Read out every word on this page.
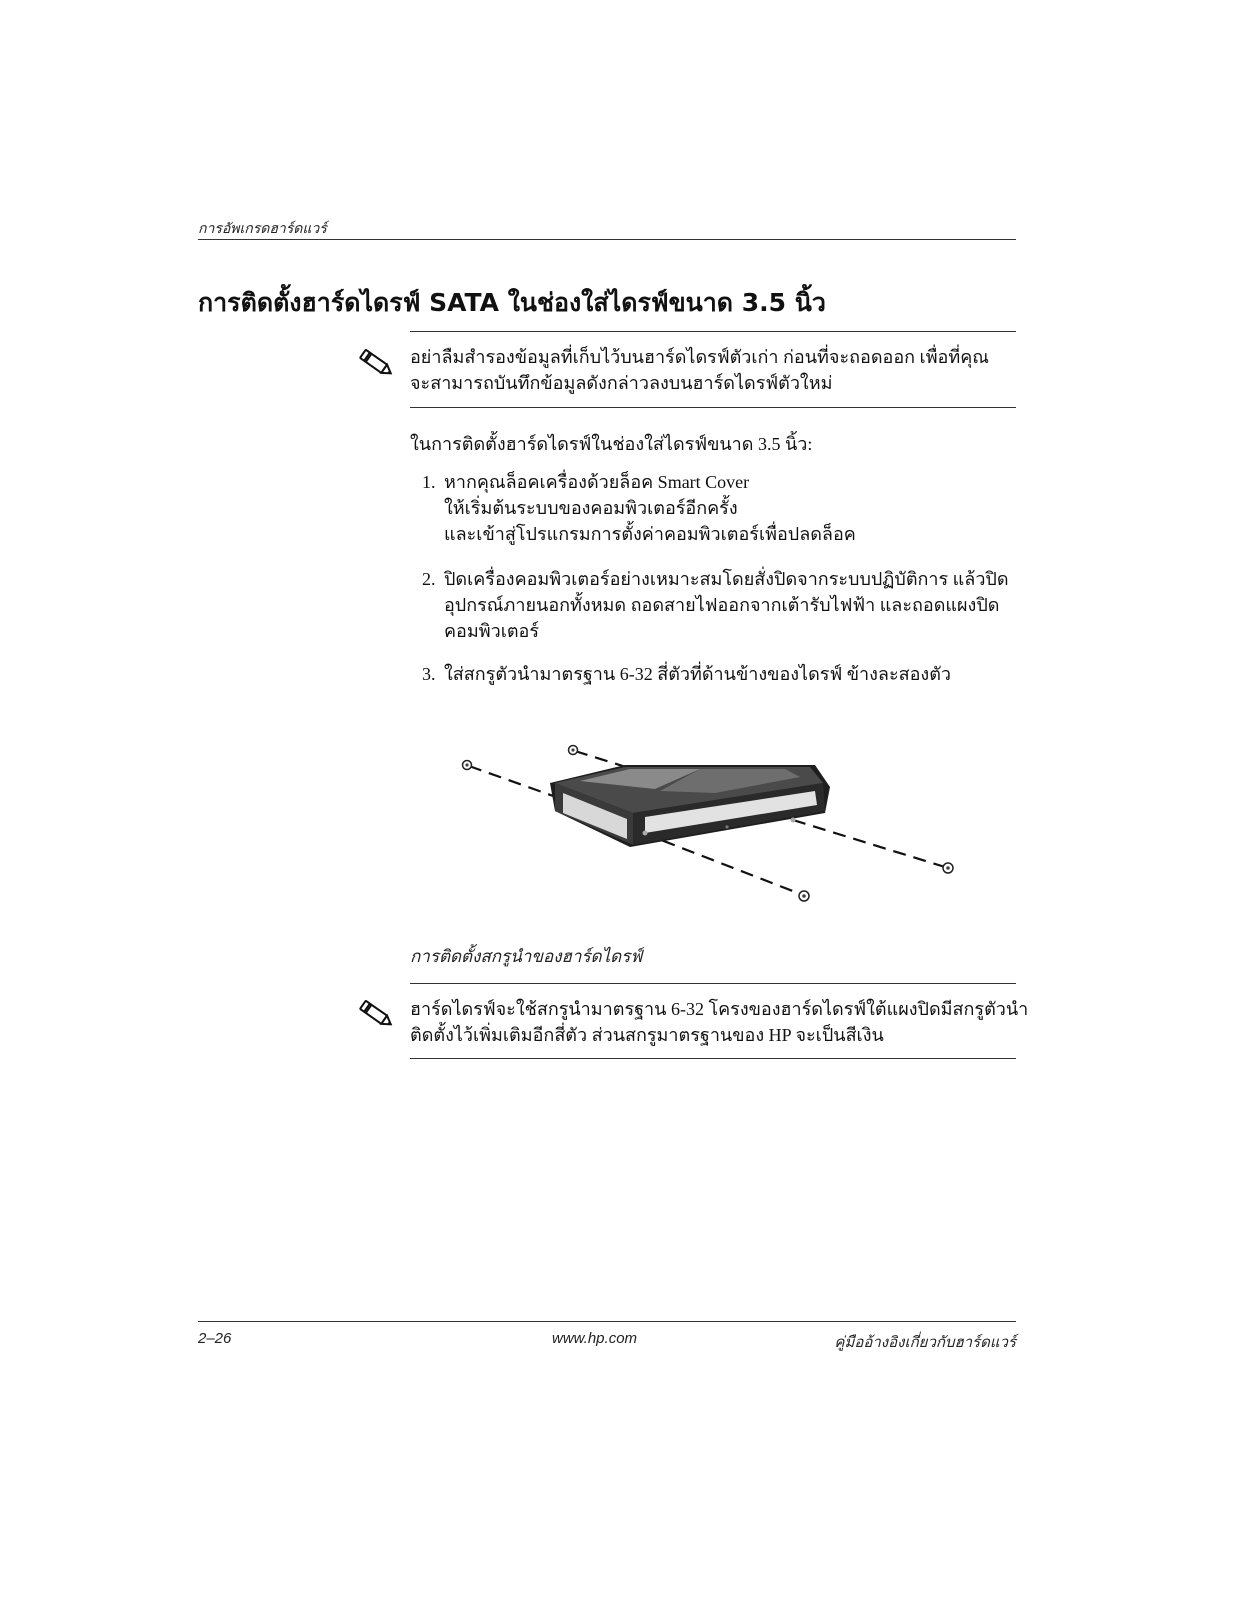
การอัพเกรดฮาร์ดแวร์
การติดตั้งฮาร์ดไดรฟ์ SATA ในช่องใส่ไดรฟ์ขนาด 3.5 นิ้ว
อย่าลืมสำรองข้อมูลที่เก็บไว้บนฮาร์ดไดรฟ์ตัวเก่า ก่อนที่จะถอดออก เพื่อที่คุณ
จะสามารถบันทึกข้อมูลดังกล่าวลงบนฮาร์ดไดรฟ์ตัวใหม่
ในการติดตั้งฮาร์ดไดรฟ์ในช่องใส่ไดรฟ์ขนาด 3.5 นิ้ว:
1. หากคุณล็อคเครื่องด้วยล็อค Smart Cover
ให้เริ่มต้นระบบของคอมพิวเตอร์อีกครั้ง
และเข้าสู่โปรแกรมการตั้งค่าคอมพิวเตอร์เพื่อปลดล็อค
2. ปิดเครื่องคอมพิวเตอร์อย่างเหมาะสมโดยสั่งปิดจากระบบปฏิบัติการ แล้วปิด
อุปกรณ์ภายนอกทั้งหมด ถอดสายไฟออกจากเต้ารับไฟฟ้า และถอดแผงปิด
คอมพิวเตอร์
3. ใส่สกรูตัวนำมาตรฐาน 6-32 สี่ตัวที่ด้านข้างของไดรฟ์ ข้างละสองตัว
การติดตั้งสกรูนำของฮาร์ดไดรฟ์
ฮาร์ดไดรฟ์จะใช้สกรูนำมาตรฐาน 6-32 โครงของฮาร์ดไดรฟ์ใต้แผงปิดมีสกรูตัวนำ
ติดตั้งไว้เพิ่มเติมอีกสี่ตัว ส่วนสกรูมาตรฐานของ HP จะเป็นสีเงิน
2–26	www.hp.com	คู่มืออ้างอิงเกี่ยวกับฮาร์ดแวร์
